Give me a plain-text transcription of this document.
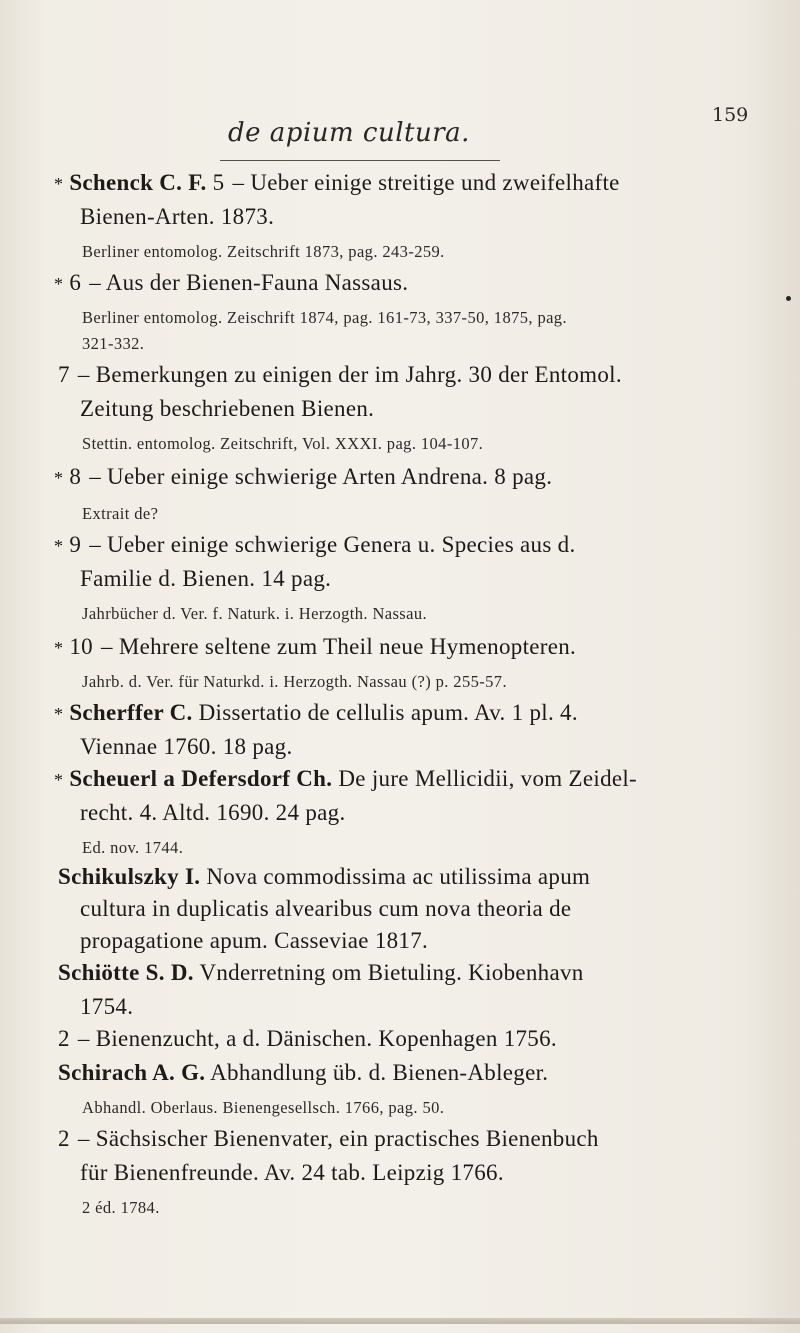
de apium cultura.
159
* Schenck C. F. 5 – Ueber einige streitige und zweifelhafte
Bienen-Arten. 1873.
Berliner entomolog. Zeitschrift 1873, pag. 243-259.
* 6 – Aus der Bienen-Fauna Nassaus.
Berliner entomolog. Zeischrift 1874, pag. 161-73, 337-50, 1875, pag.
321-332.
7 – Bemerkungen zu einigen der im Jahrg. 30 der Entomol.
Zeitung beschriebenen Bienen.
Stettin. entomolog. Zeitschrift, Vol. XXXI. pag. 104-107.
* 8 – Ueber einige schwierige Arten Andrena. 8 pag.
Extrait de?
* 9 – Ueber einige schwierige Genera u. Species aus d.
Familie d. Bienen. 14 pag.
Jahrbücher d. Ver. f. Naturk. i. Herzogth. Nassau.
* 10 – Mehrere seltene zum Theil neue Hymenopteren.
Jahrb. d. Ver. für Naturkd. i. Herzogth. Nassau (?) p. 255-57.
* Scherffer C. Dissertatio de cellulis apum. Av. 1 pl. 4.
Viennae 1760. 18 pag.
* Scheuerl a Defersdorf Ch. De jure Mellicidii, vom Zeidel-
recht. 4. Altd. 1690. 24 pag.
Ed. nov. 1744.
Schikulszky I. Nova commodissima ac utilissima apum
cultura in duplicatis alvearibus cum nova theoria de
propagatione apum. Casseviae 1817.
Schiötte S. D. Vnderretning om Bietuling. Kiobenhavn
1754.
2 – Bienenzucht, a d. Dänischen. Kopenhagen 1756.
Schirach A. G. Abhandlung üb. d. Bienen-Ableger.
Abhandl. Oberlaus. Bienengesellsch. 1766, pag. 50.
2 – Sächsischer Bienenvater, ein practisches Bienenbuch
für Bienenfreunde. Av. 24 tab. Leipzig 1766.
2 éd. 1784.
